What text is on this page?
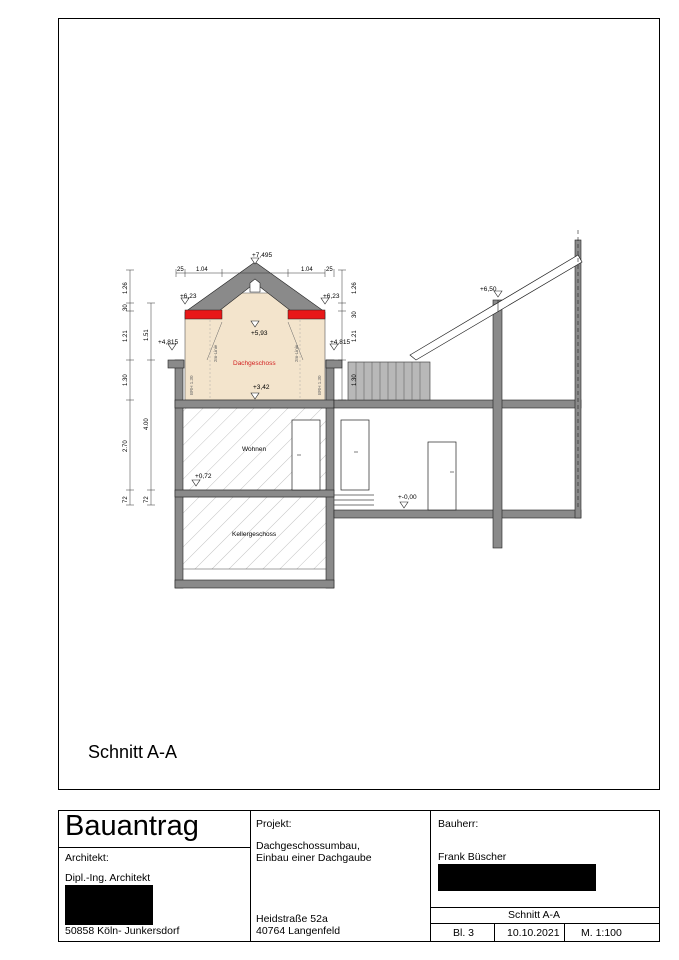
+7,495
+6,23	+6,23
+5,93
+4,815	+4,815
+3,42
+0,72
+-0,00
+6,50
Dachgeschoss
Wohnen
Kellergeschoss
25 1.04	1.04 25
1.26
30
1.21
1.30
2.70
72
1.51
4.00
72
1.26
30
1.21
1.30
BRH 1.30	BRH 1.30
2m-Linie	2m-Linie
Schnitt A-A
Bauantrag
Architekt:
Dipl.-Ing. Architekt
50858 Köln- Junkersdorf
Projekt:
Dachgeschossumbau,
Einbau einer Dachgaube
Heidstraße 52a
40764 Langenfeld
Bauherr:
Frank Büscher
Schnitt A-A
Bl. 3	10.10.2021 M. 1:100
